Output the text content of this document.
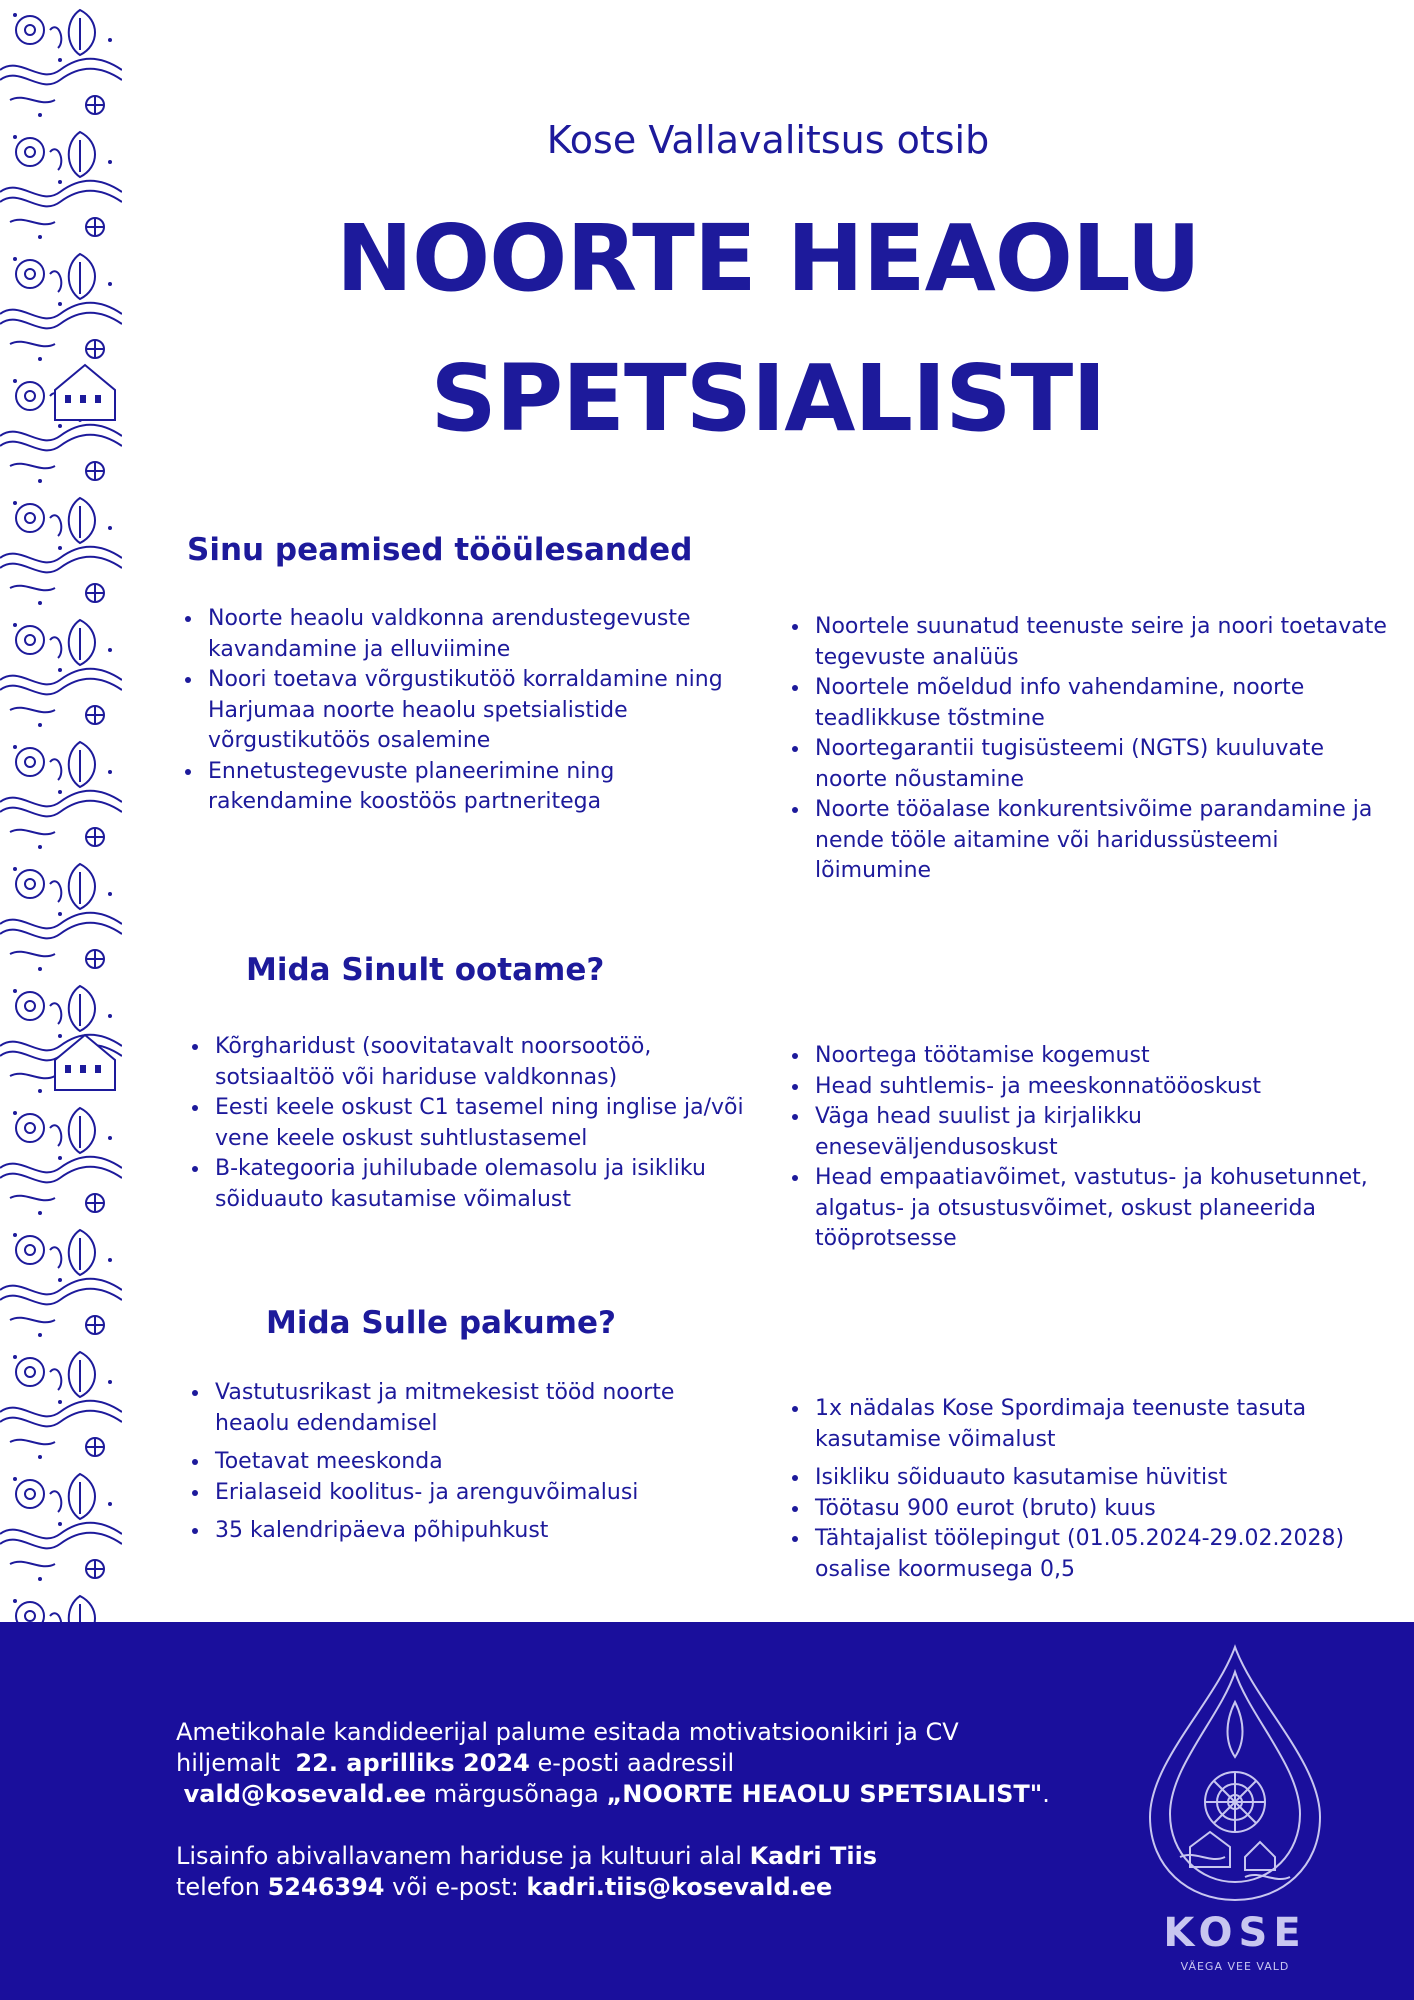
Kose Vallavalitsus otsib
NOORTE HEAOLU
SPETSIALISTI
Sinu peamised tööülesanded
• Noorte heaolu valdkonna arendustegevuste kavandamine ja elluviimine
• Noori toetava võrgustikutöö korraldamine ning Harjumaa noorte heaolu spetsialistide võrgustikutöös osalemine
• Ennetustegevuste planeerimine ning rakendamine koostöös partneritega
• Noortele suunatud teenuste seire ja noori toetavate tegevuste analüüs
• Noortele mõeldud info vahendamine, noorte teadlikkuse tõstmine
• Noortegarantii tugisüsteemi (NGTS) kuuluvate noorte nõustamine
• Noorte tööalase konkurentsivõime parandamine ja nende tööle aitamine või haridussüsteemi lõimumine
Mida Sinult ootame?
• Kõrgharidust (soovitatavalt noorsootöö, sotsiaaltöö või hariduse valdkonnas)
• Eesti keele oskust C1 tasemel ning inglise ja/või vene keele oskust suhtlustasemel
• B-kategooria juhilubade olemasolu ja isikliku sõiduauto kasutamise võimalust
• Noortega töötamise kogemust
• Head suhtlemis- ja meeskonnatööoskust
• Väga head suulist ja kirjalikku eneseväljendusoskust
• Head empaatiavõimet, vastutus- ja kohusetunnet, algatus- ja otsustusvõimet, oskust planeerida tööprotsesse
Mida Sulle pakume?
• Vastutusrikast ja mitmekesist tööd noorte heaolu edendamisel
• Toetavat meeskonda
• Erialaseid koolitus- ja arenguvõimalusi
• 35 kalendripäeva põhipuhkust
• 1x nädalas Kose Spordimaja teenuste tasuta kasutamise võimalust
• Isikliku sõiduauto kasutamise hüvitist
• Töötasu 900 eurot (bruto) kuus
• Tähtajalist töölepingut (01.05.2024-29.02.2028) osalise koormusega 0,5

Ametikohale kandideerijal palume esitada motivatsioonikiri ja CV

hiljemalt 22. aprilliks 2024 e-posti aadressil

vald@kosevald.ee märgusõnaga „NOORTE HEAOLU SPETSIALIST".

Lisainfo abivallavanem hariduse ja kultuuri alal Kadri Tiis

telefon 5246394 või e-post: kadri.tiis@kosevald.ee

KOSE
VÄEGA VEE VALD
